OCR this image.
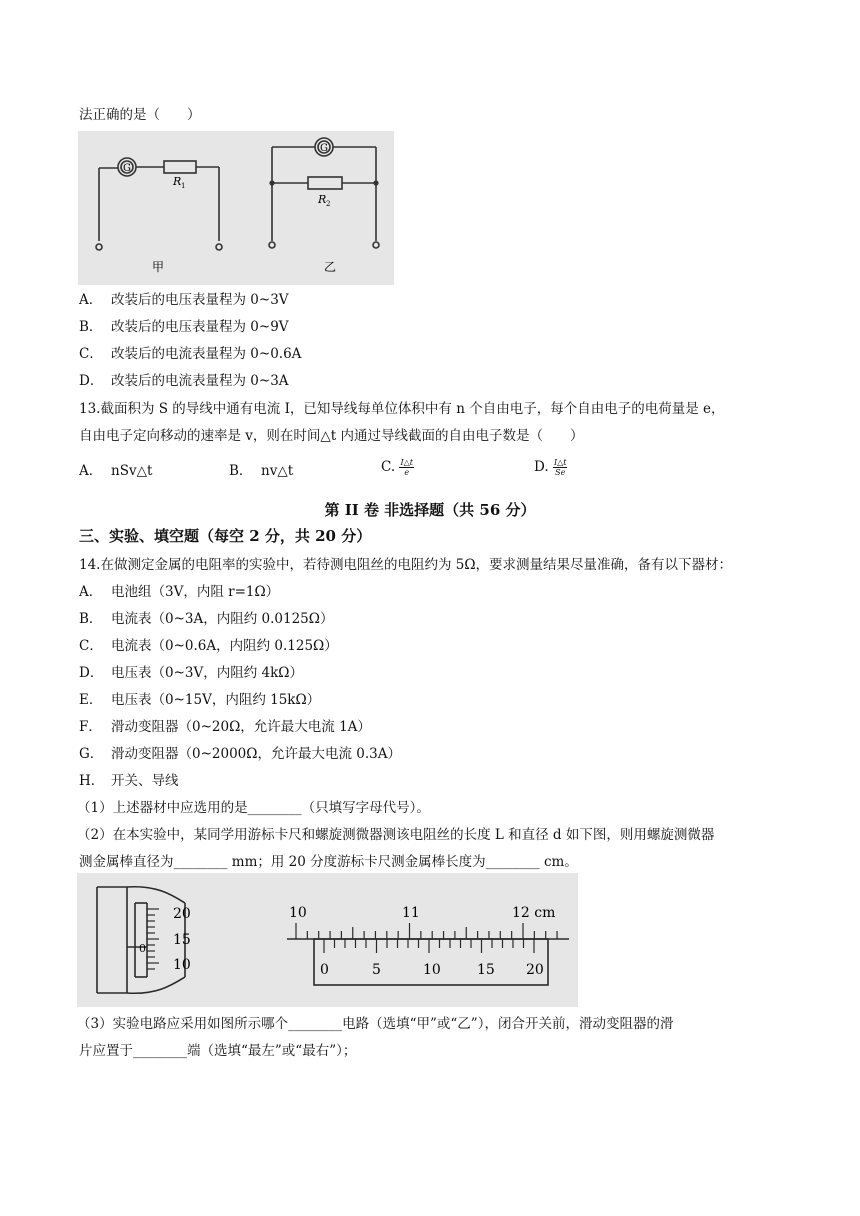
法正确的是（　　）
G
G
R 1
R 2
甲	乙
A． 改装后的电压表量程为 0~3V
B． 改装后的电压表量程为 0~9V
C． 改装后的电流表量程为 0~0.6A
D． 改装后的电流表量程为 0~3A
13.截面积为 S 的导线中通有电流 I，已知导线每单位体积中有 n 个自由电子，每个自由电子的电荷量是 e，
自由电子定向移动的速率是 v，则在时间△t 内通过导线截面的自由电子数是（　　）
A． nSv△t	B． nv△t	C. $\frac{I\triangle t}{e}$	D. $\frac{I\triangle t}{Se}$
第 II 卷 非选择题（共 56 分）
三、实验、填空题（每空 2 分，共 20 分）
14.在做测定金属的电阻率的实验中，若待测电阻丝的电阻约为 5Ω，要求测量结果尽量准确，备有以下器材：
A． 电池组（3V，内阻 r=1Ω）
B． 电流表（0~3A，内阻约 0.0125Ω）
C． 电流表（0~0.6A，内阻约 0.125Ω）
D． 电压表（0~3V，内阻约 4kΩ）
E． 电压表（0~15V，内阻约 15kΩ）
F． 滑动变阻器（0~20Ω，允许最大电流 1A）
G． 滑动变阻器（0~2000Ω，允许最大电流 0.3A）
H． 开关、导线
（1）上述器材中应选用的是________（只填写字母代号）。
（2）在本实验中，某同学用游标卡尺和螺旋测微器测该电阻丝的长度 L 和直径 d 如下图，则用螺旋测微器
测金属棒直径为________ mm；用 20 分度游标卡尺测金属棒长度为________ cm。
20
15
10
0
10	11	12 cm
0	5	10	15 20
（3）实验电路应采用如图所示哪个________电路（选填“甲”或“乙”），闭合开关前，滑动变阻器的滑
片应置于________端（选填“最左”或“最右”）；
